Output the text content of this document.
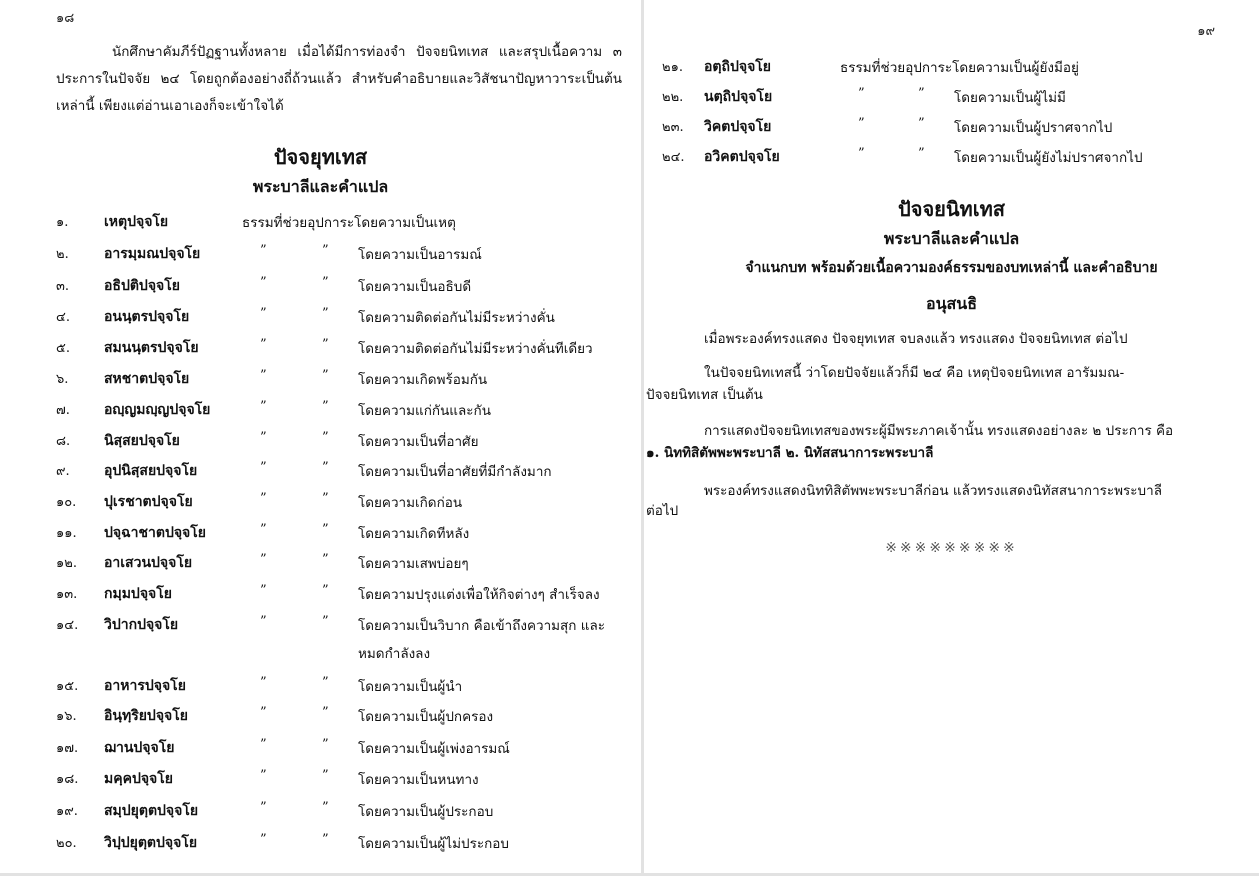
๑๘
นักศึกษาคัมภีร์ปัฏฐานทั้งหลาย เมื่อได้มีการท่องจำ ปัจจยนิทเทส และสรุปเนื้อความ ๓ ประการในปัจจัย ๒๔ โดยถูกต้องอย่างถี่ถ้วนแล้ว สำหรับคำอธิบายและวิสัชนาปัญหาวาระเป็นต้นเหล่านี้ เพียงแต่อ่านเอาเองก็จะเข้าใจได้
ปัจจยุทเทส
พระบาลีและคำแปล
๑.	เหตุปจฺจโย	ธรรมที่ช่วยอุปการะโดยความเป็นเหตุ
๒.	อารมฺมณปจฺจโย	”	” โดยความเป็นอารมณ์
๓.	อธิปติปจฺจโย	”	” โดยความเป็นอธิบดี
๔.	อนนฺตรปจฺจโย	”	” โดยความติดต่อกันไม่มีระหว่างคั่น
๕.	สมนนฺตรปจฺจโย	”	” โดยความติดต่อกันไม่มีระหว่างคั่นทีเดียว
๖.	สหชาตปจฺจโย	”	” โดยความเกิดพร้อมกัน
๗.	อญฺญมญฺญปจฺจโย	”	” โดยความแก่กันและกัน
๘.	นิสฺสยปจฺจโย	”	” โดยความเป็นที่อาศัย
๙.	อุปนิสฺสยปจฺจโย	”	” โดยความเป็นที่อาศัยที่มีกำลังมาก
๑๐.	ปุเรชาตปจฺจโย	”	” โดยความเกิดก่อน
๑๑.	ปจฺฉาชาตปจฺจโย	”	” โดยความเกิดทีหลัง
๑๒.	อาเสวนปจฺจโย	”	” โดยความเสพบ่อยๆ
๑๓.	กมฺมปจฺจโย	”	” โดยความปรุงแต่งเพื่อให้กิจต่างๆ สำเร็จลง
๑๔.	วิปากปจฺจโย	”	” โดยความเป็นวิบาก คือเข้าถึงความสุก และ
หมดกำลังลง
๑๕.	อาหารปจฺจโย	”	” โดยความเป็นผู้นำ
๑๖.	อินฺทฺริยปจฺจโย	”	” โดยความเป็นผู้ปกครอง
๑๗.	ฌานปจฺจโย	”	” โดยความเป็นผู้เพ่งอารมณ์
๑๘.	มคฺคปจฺจโย	”	” โดยความเป็นหนทาง
๑๙.	สมฺปยุตฺตปจฺจโย	”	” โดยความเป็นผู้ประกอบ
๒๐.	วิปฺปยุตฺตปจฺจโย	”	” โดยความเป็นผู้ไม่ประกอบ
๑๙
๒๑.	อตฺถิปจฺจโย	ธรรมที่ช่วยอุปการะโดยความเป็นผู้ยังมีอยู่
๒๒.	นตฺถิปจฺจโย	”	” โดยความเป็นผู้ไม่มี
๒๓.	วิคตปจฺจโย	”	” โดยความเป็นผู้ปราศจากไป
๒๔.	อวิคตปจฺจโย	”	” โดยความเป็นผู้ยังไม่ปราศจากไป
ปัจจยนิทเทส
พระบาลีและคำแปล
จำแนกบท พร้อมด้วยเนื้อความองค์ธรรมของบทเหล่านี้ และคำอธิบาย
อนุสนธิ
เมื่อพระองค์ทรงแสดง ปัจจยุทเทส จบลงแล้ว ทรงแสดง ปัจจยนิทเทส ต่อไป
ในปัจจยนิทเทสนี้ ว่าโดยปัจจัยแล้วก็มี ๒๔ คือ เหตุปัจจยนิทเทส อารัมมณ-
ปัจจยนิทเทส เป็นต้น
การแสดงปัจจยนิทเทสของพระผู้มีพระภาคเจ้านั้น ทรงแสดงอย่างละ ๒ ประการ คือ
๑. นิททิสิตัพพะพระบาลี ๒. นิทัสสนาการะพระบาลี
พระองค์ทรงแสดงนิททิสิตัพพะพระบาลีก่อน แล้วทรงแสดงนิทัสสนาการะพระบาลี
ต่อไป
※※※※※※※※※
